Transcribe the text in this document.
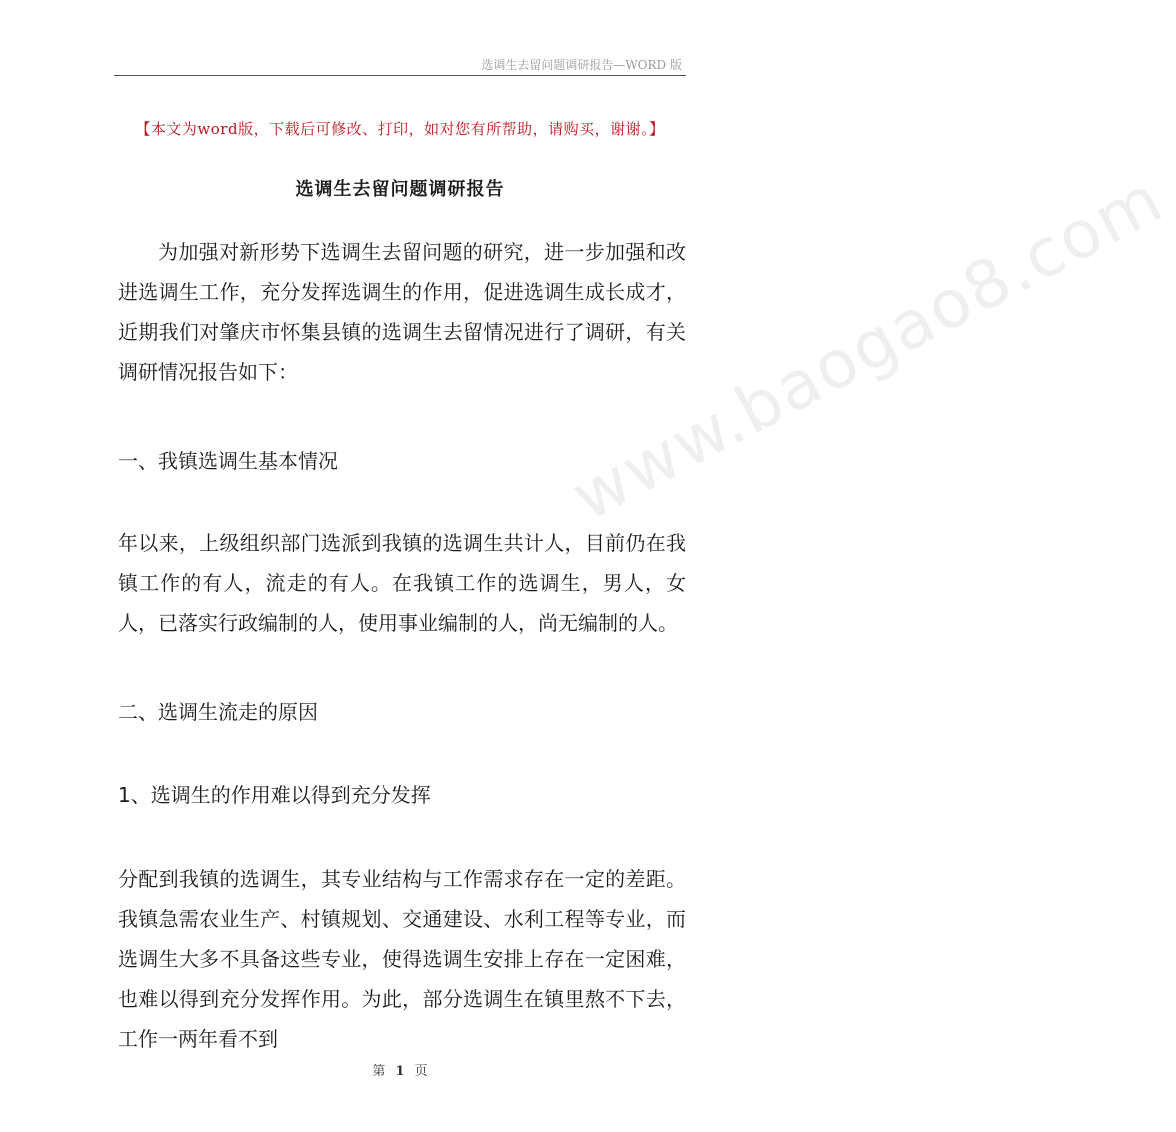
选调生去留问题调研报告—WORD 版
【本文为word版，下载后可修改、打印，如对您有所帮助，请购买，谢谢。】
选调生去留问题调研报告
为加强对新形势下选调生去留问题的研究，进一步加强和改进选调生工作，充分发挥选调生的作用，促进选调生成长成才，近期我们对肇庆市怀集县镇的选调生去留情况进行了调研，有关调研情况报告如下：
一、我镇选调生基本情况
年以来，上级组织部门选派到我镇的选调生共计人，目前仍在我镇工作的有人，流走的有人。在我镇工作的选调生，男人，女人，已落实行政编制的人，使用事业编制的人，尚无编制的人。
二、选调生流走的原因
1、选调生的作用难以得到充分发挥
分配到我镇的选调生，其专业结构与工作需求存在一定的差距。我镇急需农业生产、村镇规划、交通建设、水利工程等专业，而选调生大多不具备这些专业，使得选调生安排上存在一定困难，也难以得到充分发挥作用。为此，部分选调生在镇里熬不下去，工作一两年看不到
www.baogao8.com
第 1 页
